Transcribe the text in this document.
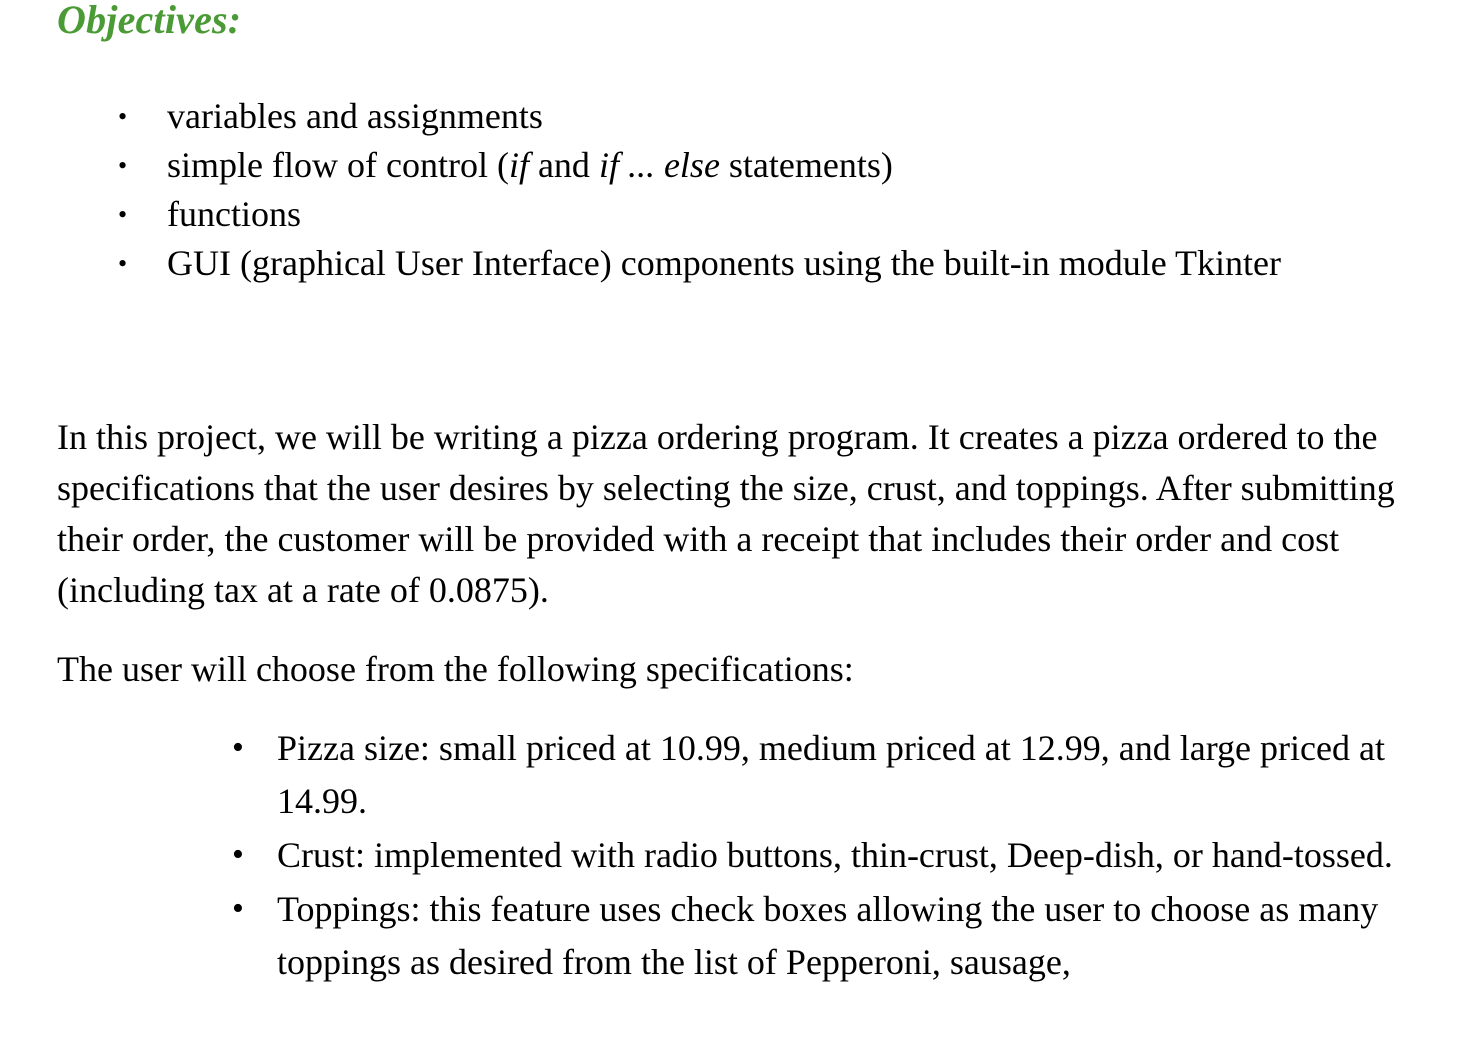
Objectives:
• variables and assignments
• simple flow of control (if and if ... else statements)
• functions
• GUI (graphical User Interface) components using the built-in module Tkinter

In this project, we will be writing a pizza ordering program. It creates a pizza ordered to the specifications that the user desires by selecting the size, crust, and toppings. After submitting their order, the customer will be provided with a receipt that includes their order and cost (including tax at a rate of 0.0875).

The user will choose from the following specifications:

• Pizza size: small priced at 10.99, medium priced at 12.99, and large priced at 14.99.
• Crust: implemented with radio buttons, thin-crust, Deep-dish, or hand-tossed.
• Toppings: this feature uses check boxes allowing the user to choose as many toppings as desired from the list of Pepperoni, sausage,
